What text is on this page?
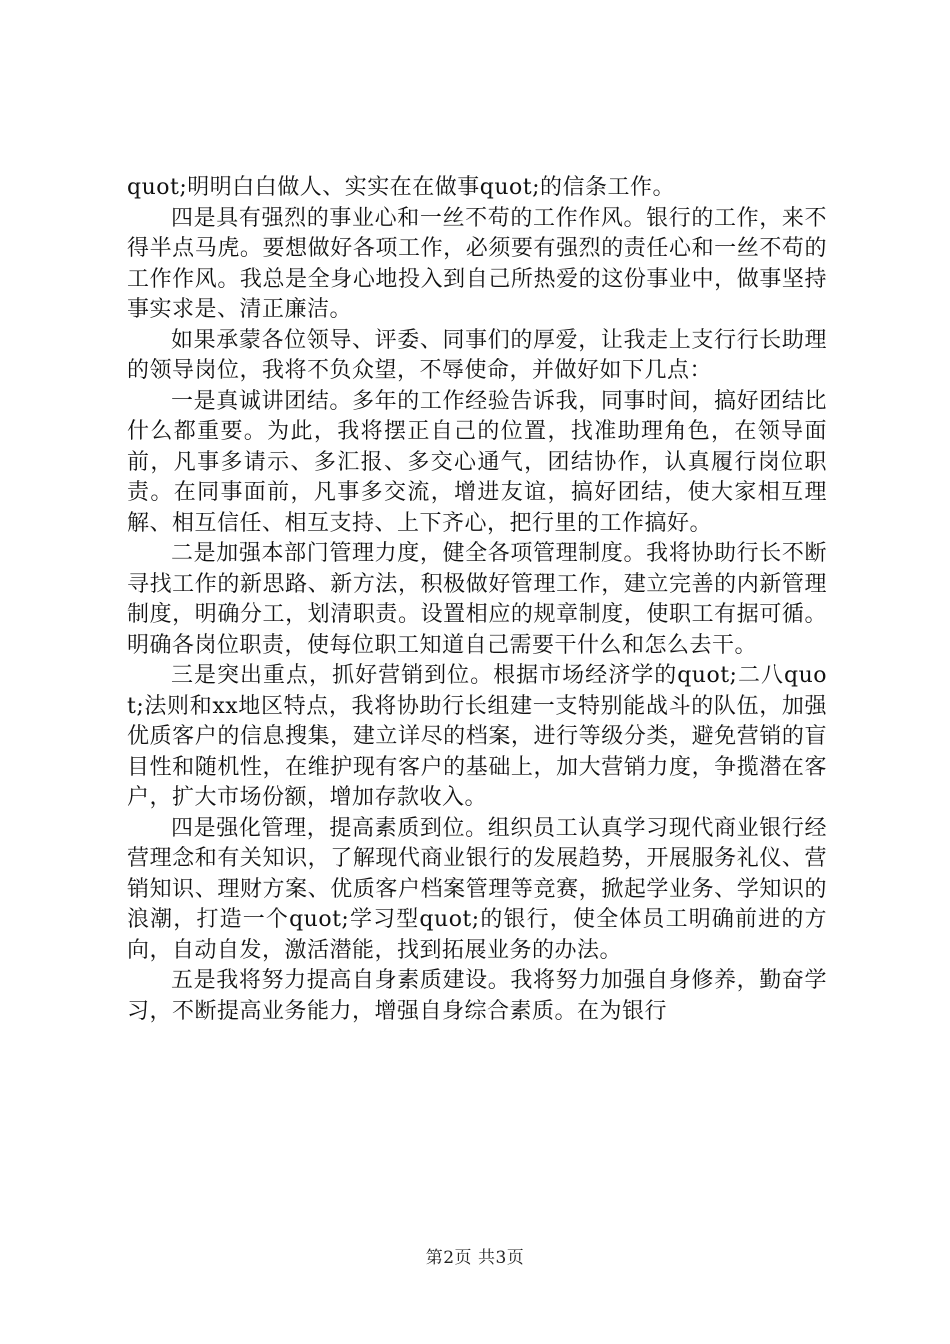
quot;明明白白做人、实实在在做事quot;的信条工作。

四是具有强烈的事业心和一丝不苟的工作作风。银行的工作，来不得半点马虎。要想做好各项工作，必须要有强烈的责任心和一丝不苟的工作作风。我总是全身心地投入到自己所热爱的这份事业中，做事坚持事实求是、清正廉洁。

如果承蒙各位领导、评委、同事们的厚爱，让我走上支行行长助理的领导岗位，我将不负众望，不辱使命，并做好如下几点：

一是真诚讲团结。多年的工作经验告诉我，同事时间，搞好团结比什么都重要。为此，我将摆正自己的位置，找准助理角色，在领导面前，凡事多请示、多汇报、多交心通气，团结协作，认真履行岗位职责。在同事面前，凡事多交流，增进友谊，搞好团结，使大家相互理解、相互信任、相互支持、上下齐心，把行里的工作搞好。

二是加强本部门管理力度，健全各项管理制度。我将协助行长不断寻找工作的新思路、新方法，积极做好管理工作，建立完善的内新管理制度，明确分工，划清职责。设置相应的规章制度，使职工有据可循。明确各岗位职责，使每位职工知道自己需要干什么和怎么去干。

三是突出重点，抓好营销到位。根据市场经济学的quot;二八quot;法则和xx地区特点，我将协助行长组建一支特别能战斗的队伍，加强优质客户的信息搜集，建立详尽的档案，进行等级分类，避免营销的盲目性和随机性，在维护现有客户的基础上，加大营销力度，争揽潜在客户，扩大市场份额，增加存款收入。

四是强化管理，提高素质到位。组织员工认真学习现代商业银行经营理念和有关知识，了解现代商业银行的发展趋势，开展服务礼仪、营销知识、理财方案、优质客户档案管理等竞赛，掀起学业务、学知识的浪潮，打造一个quot;学习型quot;的银行，使全体员工明确前进的方向，自动自发，激活潜能，找到拓展业务的办法。

五是我将努力提高自身素质建设。我将努力加强自身修养，勤奋学习，不断提高业务能力，增强自身综合素质。在为银行

第2页 共3页
